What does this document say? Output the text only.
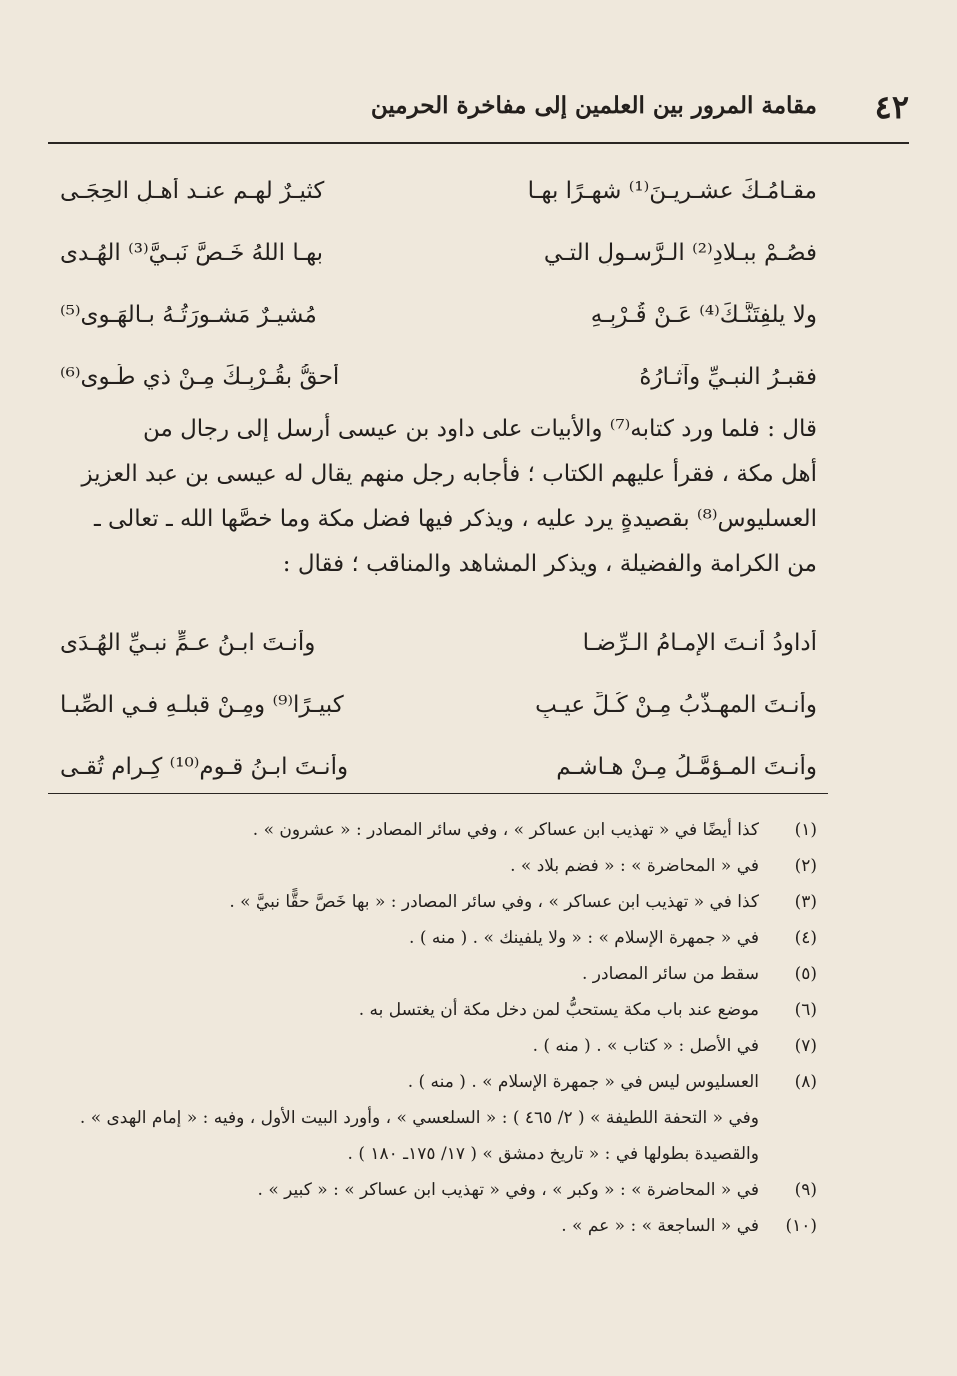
٤٢
مقامة المرور بين العلمين إلى مفاخرة الحرمين
مقـامُـكَ عشـريـنَ⁽¹⁾ شهـرًا بهـا
كثيـرٌ لهـم عنـد أهـلِ الحِجَـى
فصُـمْ ببـلادِ⁽²⁾ الـرَّسـولِ التـي
بهـا اللهُ خَـصَّ نَبـيَّ⁽³⁾ الهُـدى
ولا يلفِتَنَّـكَ⁽⁴⁾ عَـنْ قُـرْبِـهِ
مُشيـرٌ مَشـورَتُـهُ بـالهَـوى⁽⁵⁾
فقبـرُ النبـيِّ وآثـارُهُ
أحقُّ بقُـرْبِـكَ مِـنْ ذي طُـوى⁽⁶⁾

قال : فلما ورد كتابه⁽⁷⁾ والأبيات على داود بن عيسى أرسل إلى رجال من

أهل مكة ، فقرأ عليهم الكتاب ؛ فأجابه رجل منهم يقال له عيسى بن عبد العزيز

العسليوس⁽⁸⁾ بقصيدةٍ يرد عليه ، ويذكر فيها فضل مكة وما خصَّها الله ـ تعالى ـ

من الكرامة والفضيلة ، ويذكر المشاهد والمناقب ؛ فقال :

أداودُ أنـتَ الإمـامُ الـرِّضـا
وأنـتَ ابـنُ عـمٍّ نبـيِّ الهُـدَى
وأنـتَ المهـذَّبُ مِـنْ كُـلِّ عيـبٍ
كبيـرًا⁽⁹⁾ ومِـنْ قبلـهِ فـي الصِّبـا
وأنـتَ المـؤمَّـلُ مِـنْ هـاشـمٍ
وأنـتَ ابـنُ قـومٍ⁽¹⁰⁾ كِـرامٍ تُقـى
(١)
كذا أيضًا في « تهذيب ابن عساكر » ، وفي سائر المصادر : « عشرون » .
(٢)
في « المحاضرة » : « فضم بلاد » .
(٣)
كذا في « تهذيب ابن عساكر » ، وفي سائر المصادر : « بها خَصَّ حقًّا نبيَّ » .
(٤)
في « جمهرة الإسلام » : « ولا يلفينك » . ( منه ) .
(٥)
سقط من سائر المصادر .
(٦)
موضع عند باب مكة يستحبُّ لمن دخل مكة أن يغتسل به .
(٧)
في الأصل : « كتاب » . ( منه ) .
(٨)
العسليوس ليس في « جمهرة الإسلام » . ( منه ) .
وفي « التحفة اللطيفة » ( ٢/ ٤٦٥ ) : « السلعسي » ، وأورد البيت الأول ، وفيه : « إمام الهدى » .
والقصيدة بطولها في : « تاريخ دمشق » ( ١٧/ ١٧٥ـ ١٨٠ ) .
(٩)
في « المحاضرة » : « وكبر » ، وفي « تهذيب ابن عساكر » : « كبير » .
(١٠)
في « الساجعة » : « عم » .
